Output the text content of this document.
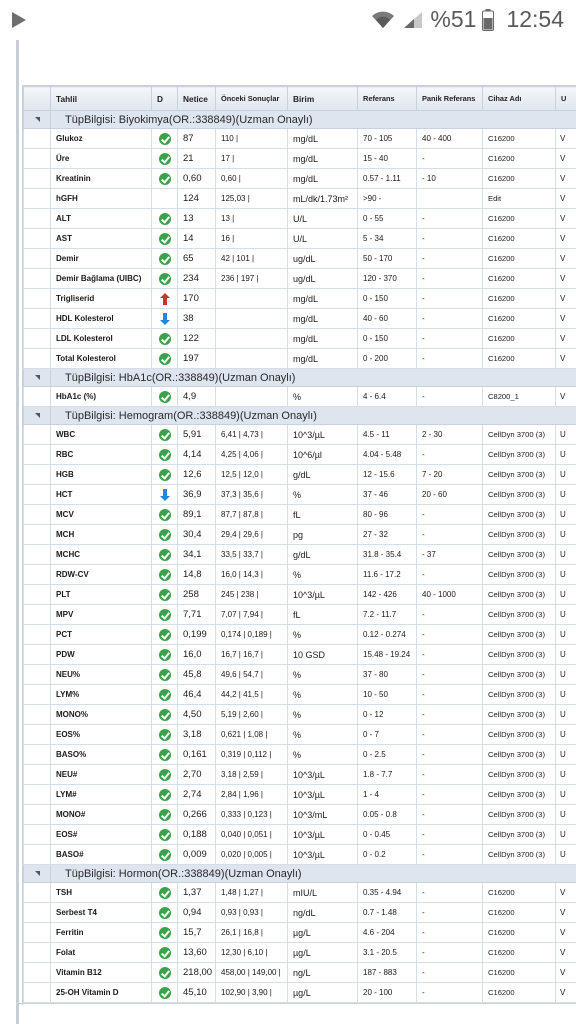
%51 12:54
	Tahlil	D	Netice	Önceki Sonuçlar	Birim	Referans	Panik Referans	Cihaz Adı	U

	TüpBilgisi: Biyokimya(OR.:338849)(Uzman Onaylı)								
	Glukoz		87	110 |	mg/dL	70 - 105	40 - 400	C16200	V
	Üre		21	17 |	mg/dL	15 - 40	-	C16200	V
	Kreatinin		0,60	0,60 |	mg/dL	0.57 - 1.11	- 10	C16200	V
	hGFH		124	125,03 |	mL/dk/1.73m²	>90 -		Edit	V
	ALT		13	13 |	U/L	0 - 55	-	C16200	V
	AST		14	16 |	U/L	5 - 34	-	C16200	V
	Demir		65	42 | 101 |	ug/dL	50 - 170	-	C16200	V
	Demir Bağlama (UIBC)		234	236 | 197 |	ug/dL	120 - 370	-	C16200	V
	Trigliserid		170		mg/dL	0 - 150	-	C16200	V
	HDL Kolesterol		38		mg/dL	40 - 60	-	C16200	V
	LDL Kolesterol		122		mg/dL	0 - 150	-	C16200	V
	Total Kolesterol		197		mg/dL	0 - 200	-	C16200	V

	TüpBilgisi: HbA1c(OR.:338849)(Uzman Onaylı)								
	HbA1c (%)		4,9		%	4 - 6.4	-	C8200_1	V

	TüpBilgisi: Hemogram(OR.:338849)(Uzman Onaylı)								
	WBC		5,91	6,41 | 4,73 |	10^3/µL	4.5 - 11	2 - 30	CellDyn 3700 (3)	U
	RBC		4,14	4,25 | 4,06 |	10^6/µl	4.04 - 5.48	-	CellDyn 3700 (3)	U
	HGB		12,6	12,5 | 12,0 |	g/dL	12 - 15.6	7 - 20	CellDyn 3700 (3)	U
	HCT		36,9	37,3 | 35,6 |	%	37 - 46	20 - 60	CellDyn 3700 (3)	U
	MCV		89,1	87,7 | 87,8 |	fL	80 - 96	-	CellDyn 3700 (3)	U
	MCH		30,4	29,4 | 29,6 |	pg	27 - 32	-	CellDyn 3700 (3)	U
	MCHC		34,1	33,5 | 33,7 |	g/dL	31.8 - 35.4	- 37	CellDyn 3700 (3)	U
	RDW-CV		14,8	16,0 | 14,3 |	%	11.6 - 17.2	-	CellDyn 3700 (3)	U
	PLT		258	245 | 238 |	10^3/µL	142 - 426	40 - 1000	CellDyn 3700 (3)	U
	MPV		7,71	7,07 | 7,94 |	fL	7.2 - 11.7	-	CellDyn 3700 (3)	U
	PCT		0,199	0,174 | 0,189 |	%	0.12 - 0.274	-	CellDyn 3700 (3)	U
	PDW		16,0	16,7 | 16,7 |	10 GSD	15.48 - 19.24	-	CellDyn 3700 (3)	U
	NEU%		45,8	49,6 | 54,7 |	%	37 - 80	-	CellDyn 3700 (3)	U
	LYM%		46,4	44,2 | 41,5 |	%	10 - 50	-	CellDyn 3700 (3)	U
	MONO%		4,50	5,19 | 2,60 |	%	0 - 12	-	CellDyn 3700 (3)	U
	EOS%		3,18	0,621 | 1,08 |	%	0 - 7	-	CellDyn 3700 (3)	U
	BASO%		0,161	0,319 | 0,112 |	%	0 - 2.5	-	CellDyn 3700 (3)	U
	NEU#		2,70	3,18 | 2,59 |	10^3/µL	1.8 - 7.7	-	CellDyn 3700 (3)	U
	LYM#		2,74	2,84 | 1,96 |	10^3/µL	1 - 4	-	CellDyn 3700 (3)	U
	MONO#		0,266	0,333 | 0,123 |	10^3/mL	0.05 - 0.8	-	CellDyn 3700 (3)	U
	EOS#		0,188	0,040 | 0,051 |	10^3/µL	0 - 0.45	-	CellDyn 3700 (3)	U
	BASO#		0,009	0,020 | 0,005 |	10^3/µL	0 - 0.2	-	CellDyn 3700 (3)	U

	TüpBilgisi: Hormon(OR.:338849)(Uzman Onaylı)								
	TSH		1,37	1,48 | 1,27 |	mIU/L	0.35 - 4.94	-	C16200	V
	Serbest T4		0,94	0,93 | 0,93 |	ng/dL	0.7 - 1.48	-	C16200	V
	Ferritin		15,7	26,1 | 16,8 |	µg/L	4.6 - 204	-	C16200	V
	Folat		13,60	12,30 | 6,10 |	µg/L	3.1 - 20.5	-	C16200	V
	Vitamin B12		218,00	458,00 | 149,00 |	ng/L	187 - 883	-	C16200	V
	25-OH Vitamin D		45,10	102,90 | 3,90 |	µg/L	20 - 100	-	C16200	V
